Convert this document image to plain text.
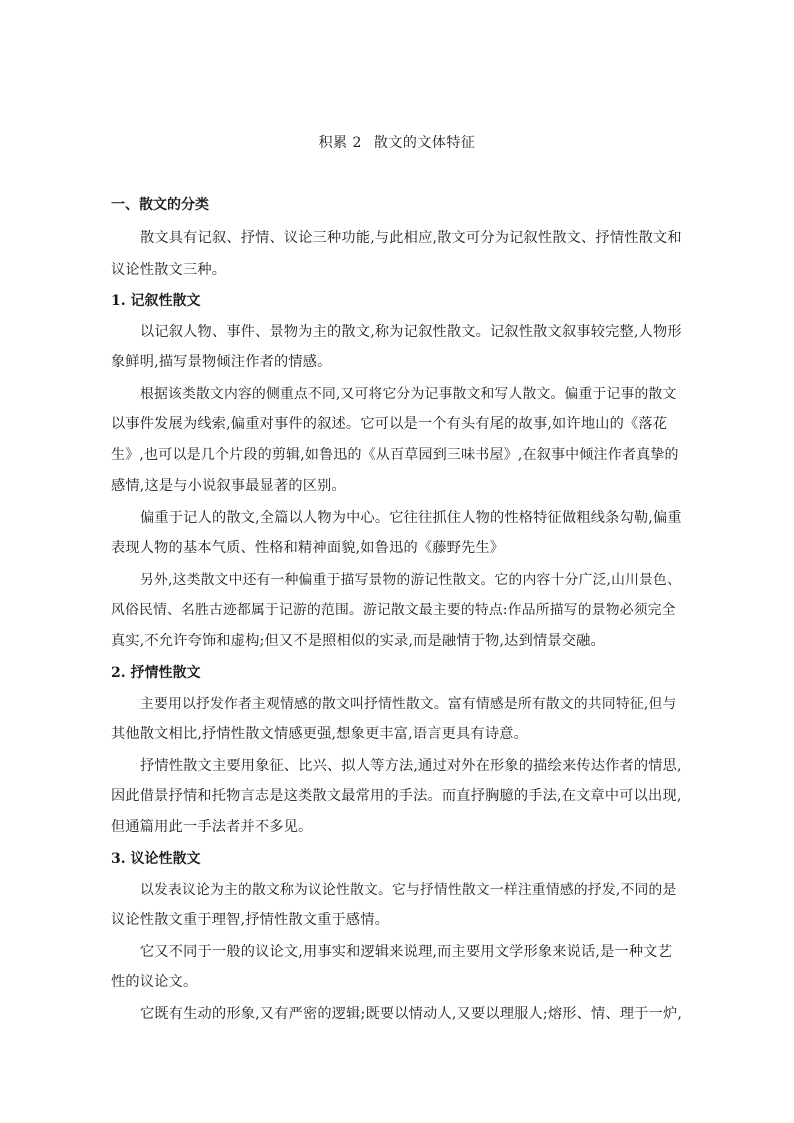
积累 2 散文的文体特征
一、散文的分类
散文具有记叙、抒情、议论三种功能,与此相应,散文可分为记叙性散文、抒情性散文和
议论性散文三种。
1. 记叙性散文
以记叙人物、事件、景物为主的散文,称为记叙性散文。记叙性散文叙事较完整,人物形
象鲜明,描写景物倾注作者的情感。
根据该类散文内容的侧重点不同,又可将它分为记事散文和写人散文。偏重于记事的散文
以事件发展为线索,偏重对事件的叙述。它可以是一个有头有尾的故事,如许地山的《落花
生》,也可以是几个片段的剪辑,如鲁迅的《从百草园到三味书屋》,在叙事中倾注作者真挚的
感情,这是与小说叙事最显著的区别。
偏重于记人的散文,全篇以人物为中心。它往往抓住人物的性格特征做粗线条勾勒,偏重
表现人物的基本气质、性格和精神面貌,如鲁迅的《藤野先生》
另外,这类散文中还有一种偏重于描写景物的游记性散文。它的内容十分广泛,山川景色、
风俗民情、名胜古迹都属于记游的范围。游记散文最主要的特点:作品所描写的景物必须完全
真实,不允许夸饰和虚构;但又不是照相似的实录,而是融情于物,达到情景交融。
2. 抒情性散文
主要用以抒发作者主观情感的散文叫抒情性散文。富有情感是所有散文的共同特征,但与
其他散文相比,抒情性散文情感更强,想象更丰富,语言更具有诗意。
抒情性散文主要用象征、比兴、拟人等方法,通过对外在形象的描绘来传达作者的情思,
因此借景抒情和托物言志是这类散文最常用的手法。而直抒胸臆的手法,在文章中可以出现,
但通篇用此一手法者并不多见。
3. 议论性散文
以发表议论为主的散文称为议论性散文。它与抒情性散文一样注重情感的抒发,不同的是
议论性散文重于理智,抒情性散文重于感情。
它又不同于一般的议论文,用事实和逻辑来说理,而主要用文学形象来说话,是一种文艺
性的议论文。
它既有生动的形象,又有严密的逻辑;既要以情动人,又要以理服人;熔形、情、理于一炉,
